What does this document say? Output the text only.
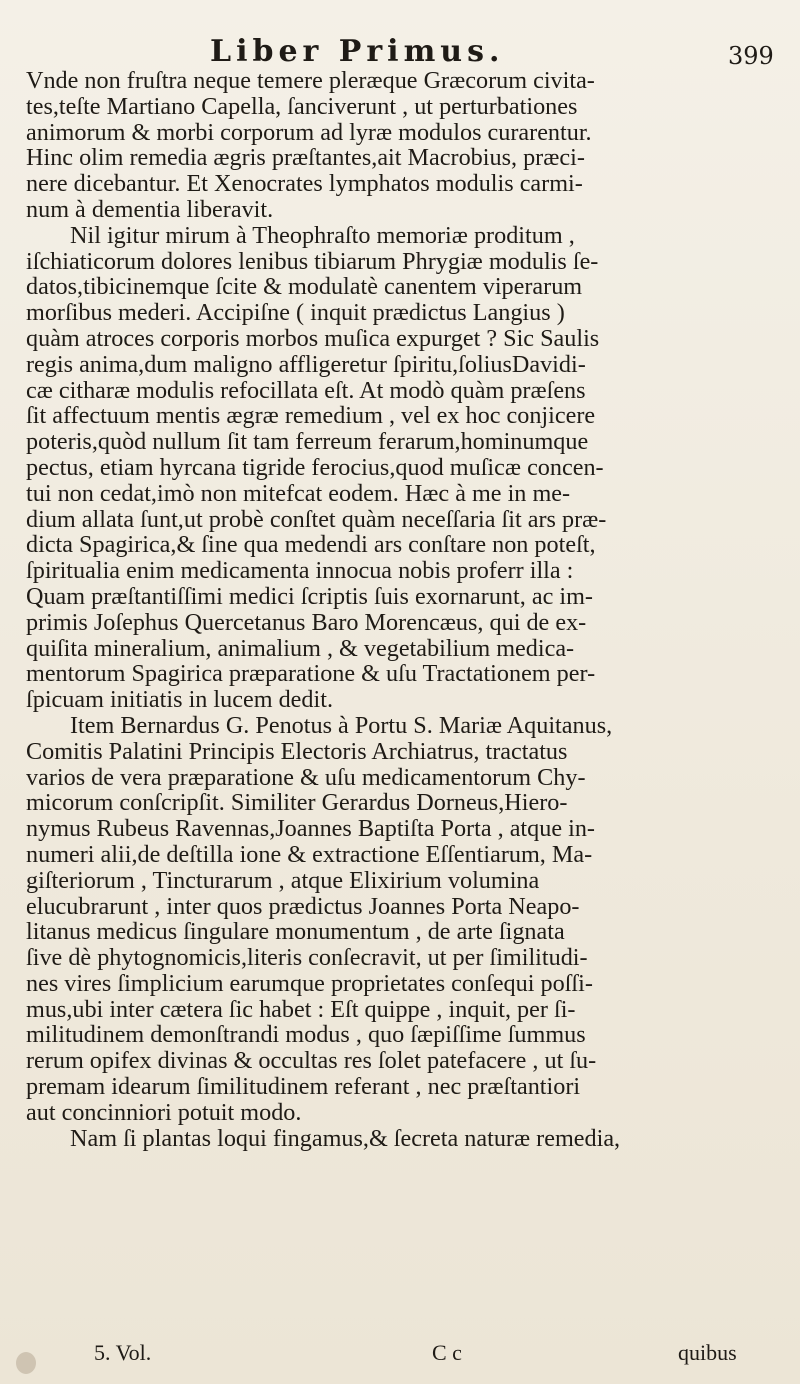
Liber Primus.	399
Vnde non fruſtra neque temere pleræque Græcorum civita-
tes,teſte Martiano Capella, ſanciverunt , ut perturbationes
animorum & morbi corporum ad lyræ modulos curarentur.
Hinc olim remedia ægris præſtantes,ait Macrobius, præci-
nere dicebantur. Et Xenocrates lymphatos modulis carmi-
num à dementia liberavit.
Nil igitur mirum à Theophraſto memoriæ proditum ,
iſchiaticorum dolores lenibus tibiarum Phrygiæ modulis ſe-
datos,tibicinemque ſcite & modulatè canentem viperarum
morſibus mederi. Accipiſne ( inquit prædictus Langius )
quàm atroces corporis morbos muſica expurget ? Sic Saulis
regis anima,dum maligno affligeretur ſpiritu,ſoliusDavidi-
cæ citharæ modulis refocillata eſt. At modò quàm præſens
ſit affectuum mentis ægræ remedium , vel ex hoc conjicere
poteris,quòd nullum ſit tam ferreum ferarum,hominumque
pectus, etiam hyrcana tigride ferocius,quod muſicæ concen-
tui non cedat,imò non mitefcat eodem. Hæc à me in me-
dium allata ſunt,ut probè conſtet quàm neceſſaria ſit ars præ-
dicta Spagirica,& ſine qua medendi ars conſtare non poteſt,
ſpiritualia enim medicamenta innocua nobis proferr illa :
Quam præſtantiſſimi medici ſcriptis ſuis exornarunt, ac im-
primis Joſephus Quercetanus Baro Morencæus, qui de ex-
quiſita mineralium, animalium , & vegetabilium medica-
mentorum Spagirica præparatione & uſu Tractationem per-
ſpicuam initiatis in lucem dedit.
Item Bernardus G. Penotus à Portu S. Mariæ Aquitanus,
Comitis Palatini Principis Electoris Archiatrus, tractatus
varios de vera præparatione & uſu medicamentorum Chy-
micorum conſcripſit. Similiter Gerardus Dorneus,Hiero-
nymus Rubeus Ravennas,Joannes Baptiſta Porta , atque in-
numeri alii,de deſtilla ione & extractione Eſſentiarum, Ma-
giſteriorum , Tincturarum , atque Elixirium volumina
elucubrarunt , inter quos prædictus Joannes Porta Neapo-
litanus medicus ſingulare monumentum , de arte ſignata
ſive dè phytognomicis,literis conſecravit, ut per ſimilitudi-
nes vires ſimplicium earumque proprietates conſequi poſſi-
mus,ubi inter cætera ſic habet : Eſt quippe , inquit, per ſi-
militudinem demonſtrandi modus , quo ſæpiſſime ſummus
rerum opifex divinas & occultas res ſolet patefacere , ut ſu-
premam idearum ſimilitudinem referant , nec præſtantiori
aut concinniori potuit modo.
Nam ſi plantas loqui fingamus,& ſecreta naturæ remedia,
5. Vol.	C c	quibus
